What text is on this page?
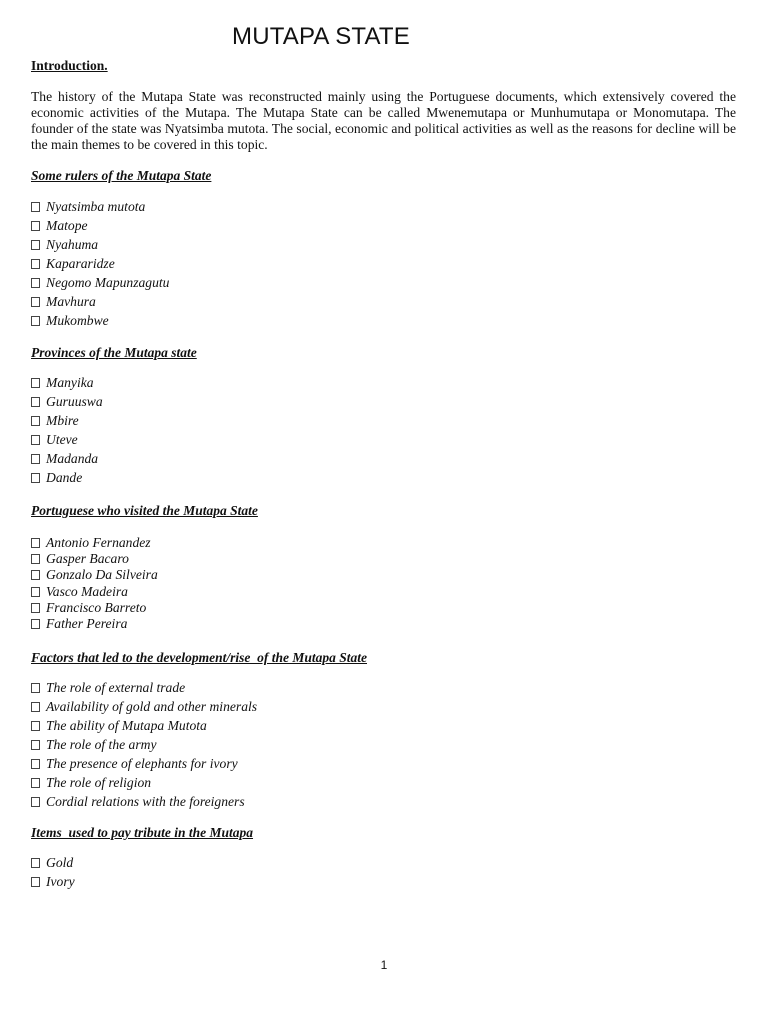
MUTAPA STATE
Introduction.

The history of the Mutapa State was reconstructed mainly using the Portuguese documents, which extensively covered the economic activities of the Mutapa. The Mutapa State can be called Mwenemutapa or Munhumutapa or Monomutapa. The founder of the state was Nyatsimba mutota. The social, economic and political activities as well as the reasons for decline will be the main themes to be covered in this topic.

Some rulers of the Mutapa State
Nyatsimba mutota
Matope
Nyahuma
Kapararidze
Negomo Mapunzagutu
Mavhura
Mukombwe
Provinces of the Mutapa state
Manyika
Guruuswa
Mbire
Uteve
Madanda
Dande
Portuguese who visited the Mutapa State
Antonio Fernandez
Gasper Bacaro
Gonzalo Da Silveira
Vasco Madeira
Francisco Barreto
Father Pereira
Factors that led to the development/rise  of the Mutapa State
The role of external trade
Availability of gold and other minerals
The ability of Mutapa Mutota
The role of the army
The presence of elephants for ivory
The role of religion
Cordial relations with the foreigners
Items  used to pay tribute in the Mutapa
Gold
Ivory
1
